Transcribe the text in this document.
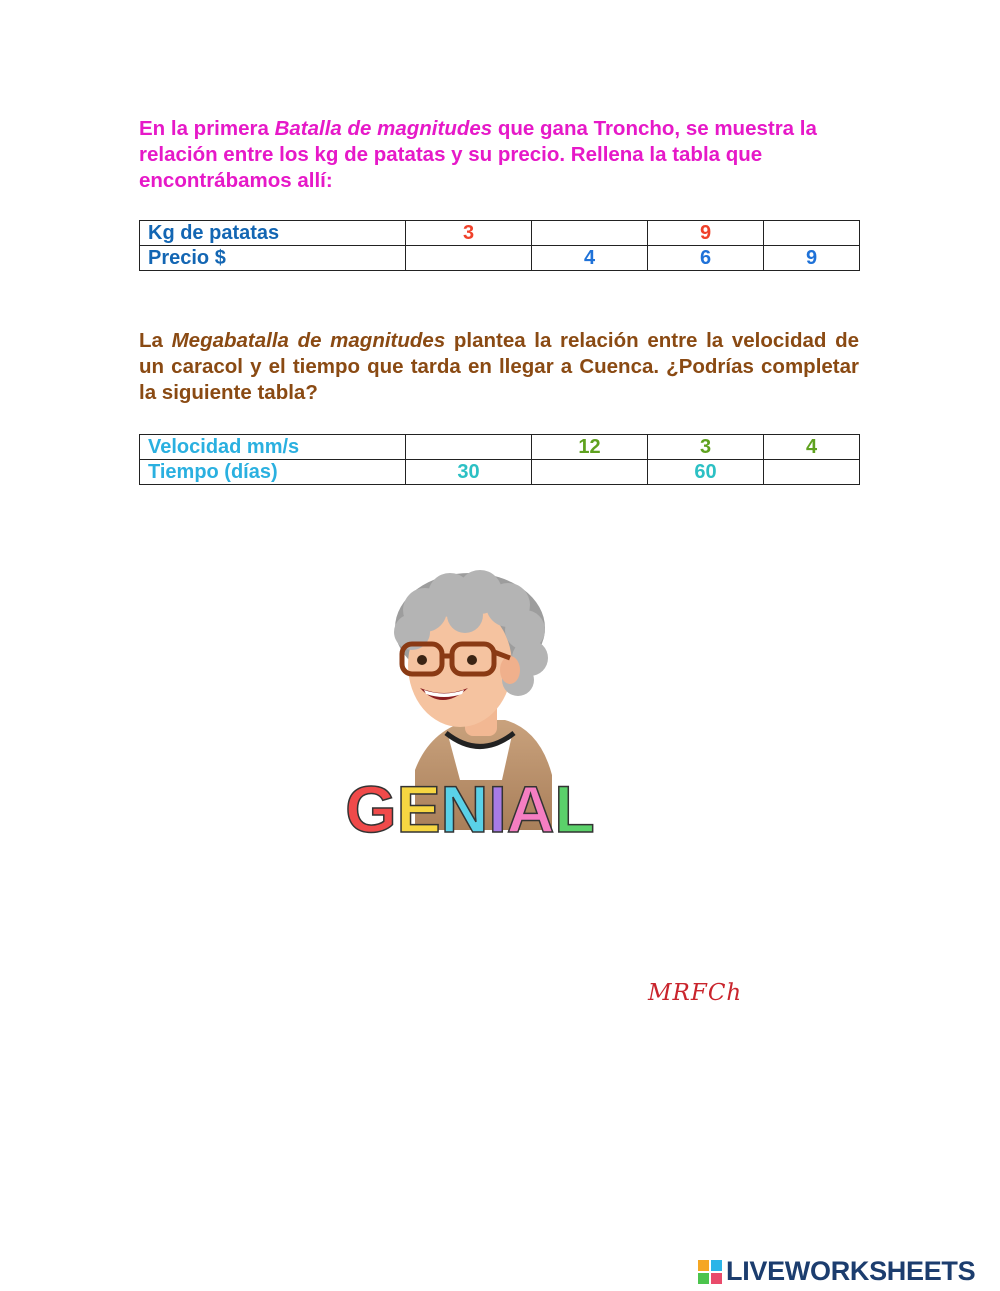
En la primera Batalla de magnitudes que gana Troncho, se muestra la relación entre los kg de patatas y su precio. Rellena la tabla que encontrábamos allí:

Kg de patatas	3		9	
Precio $		4	6	9

La Megabatalla de magnitudes plantea la relación entre la velocidad de un caracol y el tiempo que tarda en llegar a Cuenca. ¿Podrías completar la siguiente tabla?

Velocidad mm/s		12	3	4
Tiempo (días)	30		60	
GENIAL
MRFCh
LIVEWORKSHEETS
